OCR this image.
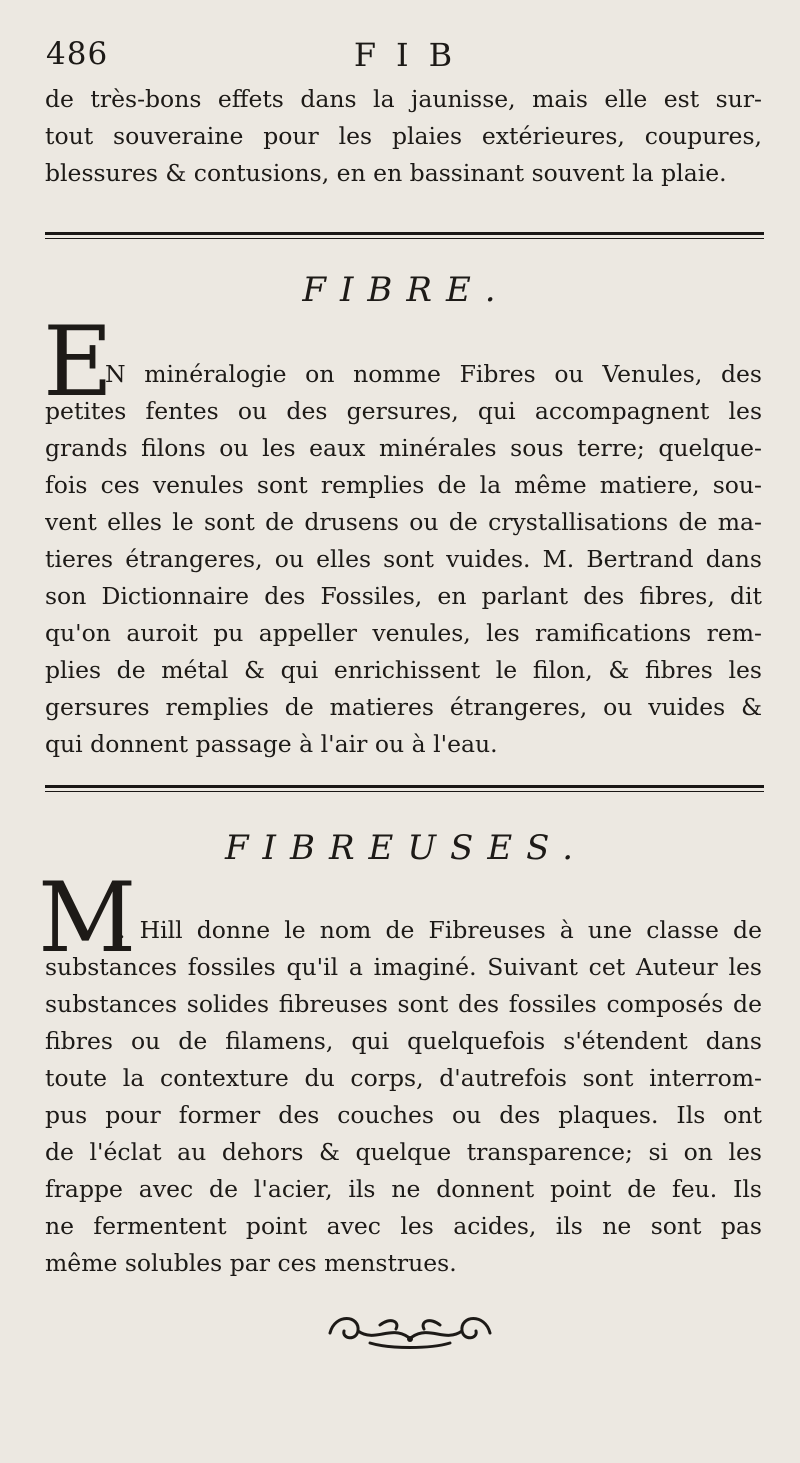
486	FIB
de très-bons effets dans la jaunisse, mais elle est sur-
tout souveraine pour les plaies extérieures, coupures,
blessures & contusions, en en bassinant souvent la plaie.
FIBRE.
E
N minéralogie on nomme Fibres ou Venules, des
petites fentes ou des gersures, qui accompagnent les
grands filons ou les eaux minérales sous terre; quelque-
fois ces venules sont remplies de la même matiere, sou-
vent elles le sont de drusens ou de crystallisations de ma-
tieres étrangeres, ou elles sont vuides. M. Bertrand dans
son Dictionnaire des Fossiles, en parlant des fibres, dit
qu'on auroit pu appeller venules, les ramifications rem-
plies de métal & qui enrichissent le filon, & fibres les
gersures remplies de matieres étrangeres, ou vuides &
qui donnent passage à l'air ou à l'eau.
FIBREUSES.
M
. Hill donne le nom de Fibreuses à une classe de
substances fossiles qu'il a imaginé. Suivant cet Auteur les
substances solides fibreuses sont des fossiles composés de
fibres ou de filamens, qui quelquefois s'étendent dans
toute la contexture du corps, d'autrefois sont interrom-
pus pour former des couches ou des plaques. Ils ont
de l'éclat au dehors & quelque transparence; si on les
frappe avec de l'acier, ils ne donnent point de feu. Ils
ne fermentent point avec les acides, ils ne sont pas
même solubles par ces menstrues.
